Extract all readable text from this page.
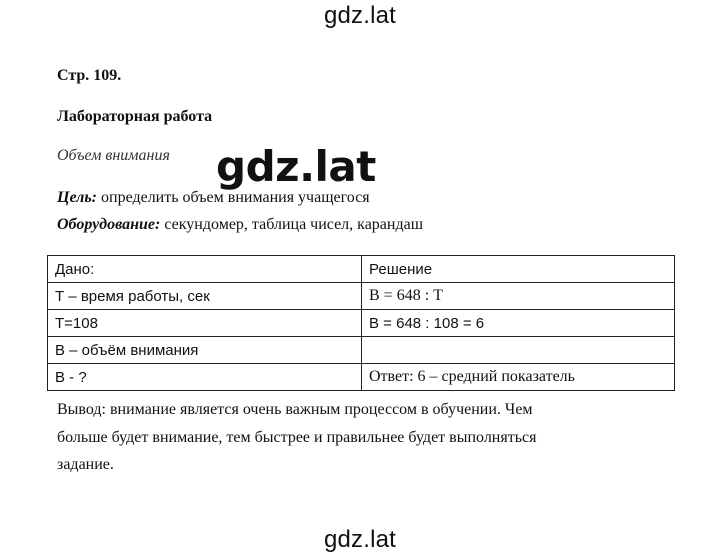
gdz.lat
gdz.lat
Стр. 109.
Лабораторная работа
Объем внимания
Цель: определить объем внимания учащегося
Оборудование: секундомер, таблица чисел, карандаш
Дано:	Решение
Т – время работы, сек	В = 648 : Т
Т=108	В = 648 : 108 = 6
В – объём внимания	
В - ?	Ответ: 6 – средний показатель
Вывод: внимание является очень важным процессом в обучении. Чем
больше будет внимание, тем быстрее и правильнее будет выполняться
задание.
gdz.lat
